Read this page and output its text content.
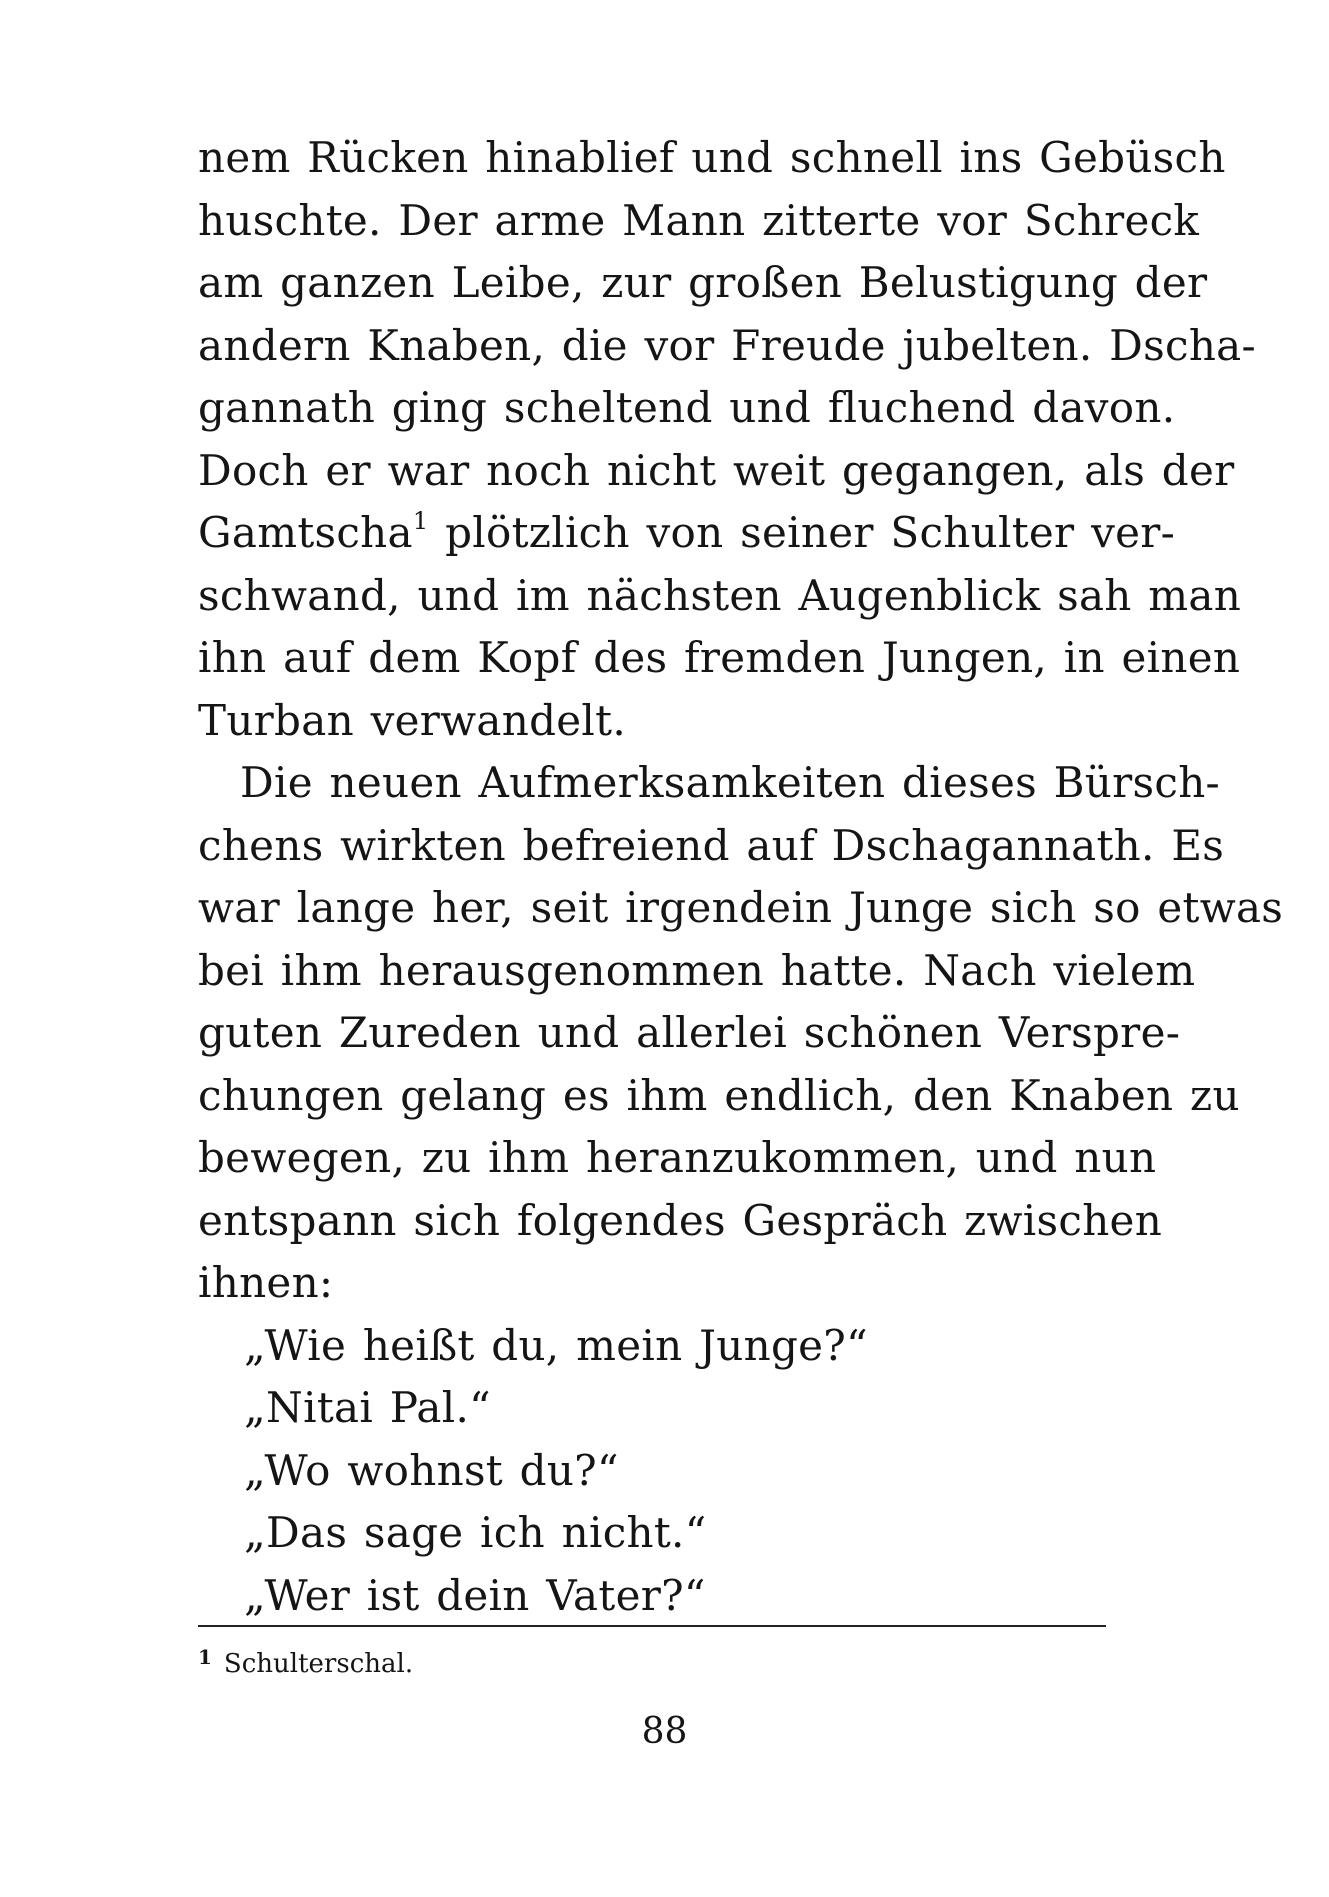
nem Rücken hinablief und schnell ins Gebüsch
huschte. Der arme Mann zitterte vor Schreck
am ganzen Leibe, zur großen Belustigung der
andern Knaben, die vor Freude jubelten. Dscha-
gannath ging scheltend und fluchend davon.
Doch er war noch nicht weit gegangen, als der
Gamtscha$^1$ plötzlich von seiner Schulter ver-
schwand, und im nächsten Augenblick sah man
ihn auf dem Kopf des fremden Jungen, in einen
Turban verwandelt.
Die neuen Aufmerksamkeiten dieses Bürsch-
chens wirkten befreiend auf Dschagannath. Es
war lange her, seit irgendein Junge sich so etwas
bei ihm herausgenommen hatte. Nach vielem
guten Zureden und allerlei schönen Verspre-
chungen gelang es ihm endlich, den Knaben zu
bewegen, zu ihm heranzukommen, und nun
entspann sich folgendes Gespräch zwischen
ihnen:
„Wie heißt du, mein Junge?“
„Nitai Pal.“
„Wo wohnst du?“
„Das sage ich nicht.“
„Wer ist dein Vater?“
$^1$ Schulterschal.
88
